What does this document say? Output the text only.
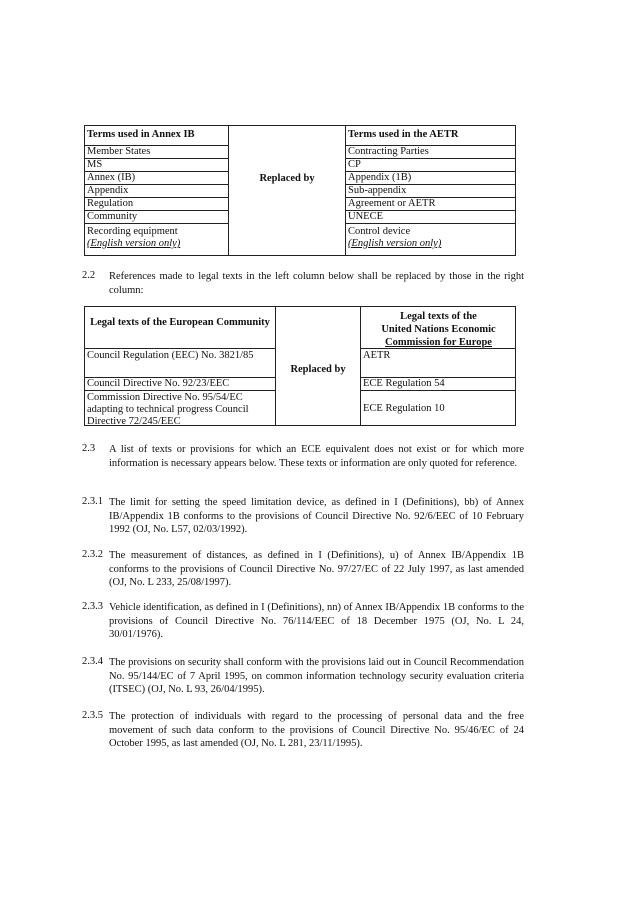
Terms used in Annex IB
Member States
MS
Annex (IB)
Appendix
Regulation
Community
Recording equipment
(English version only)
Replaced by
Terms used in the AETR
Contracting Parties
CP
Appendix (1B)
Sub-appendix
Agreement or AETR
UNECE
Control device
(English version only)
2.2 References made to legal texts in the left column below shall be replaced by those in the right column:
Legal texts of the European Community
Council Regulation (EEC) No. 3821/85
Council Directive No. 92/23/EEC
Commission Directive No. 95/54/EC adapting to technical progress Council Directive 72/245/EEC
Replaced by
Legal texts of the
United Nations Economic
Commission for Europe
AETR
ECE Regulation 54
ECE Regulation 10
2.3 A list of texts or provisions for which an ECE equivalent does not exist or for which more information is necessary appears below. These texts or information are only quoted for reference.
2.3.1 The limit for setting the speed limitation device, as defined in I (Definitions), bb) of Annex IB/Appendix 1B conforms to the provisions of Council Directive No. 92/6/EEC of 10 February 1992 (OJ, No. L57, 02/03/1992).
2.3.2 The measurement of distances, as defined in I (Definitions), u) of Annex IB/Appendix 1B conforms to the provisions of Council Directive No. 97/27/EC of 22 July 1997, as last amended (OJ, No. L 233, 25/08/1997).
2.3.3 Vehicle identification, as defined in I (Definitions), nn) of Annex IB/Appendix 1B conforms to the provisions of Council Directive No. 76/114/EEC of 18 December 1975 (OJ, No. L 24, 30/01/1976).
2.3.4 The provisions on security shall conform with the provisions laid out in Council Recommendation No. 95/144/EC of 7 April 1995, on common information technology security evaluation criteria (ITSEC) (OJ, No. L 93, 26/04/1995).
2.3.5 The protection of individuals with regard to the processing of personal data and the free movement of such data conform to the provisions of Council Directive No. 95/46/EC of 24 October 1995, as last amended (OJ, No. L 281, 23/11/1995).
